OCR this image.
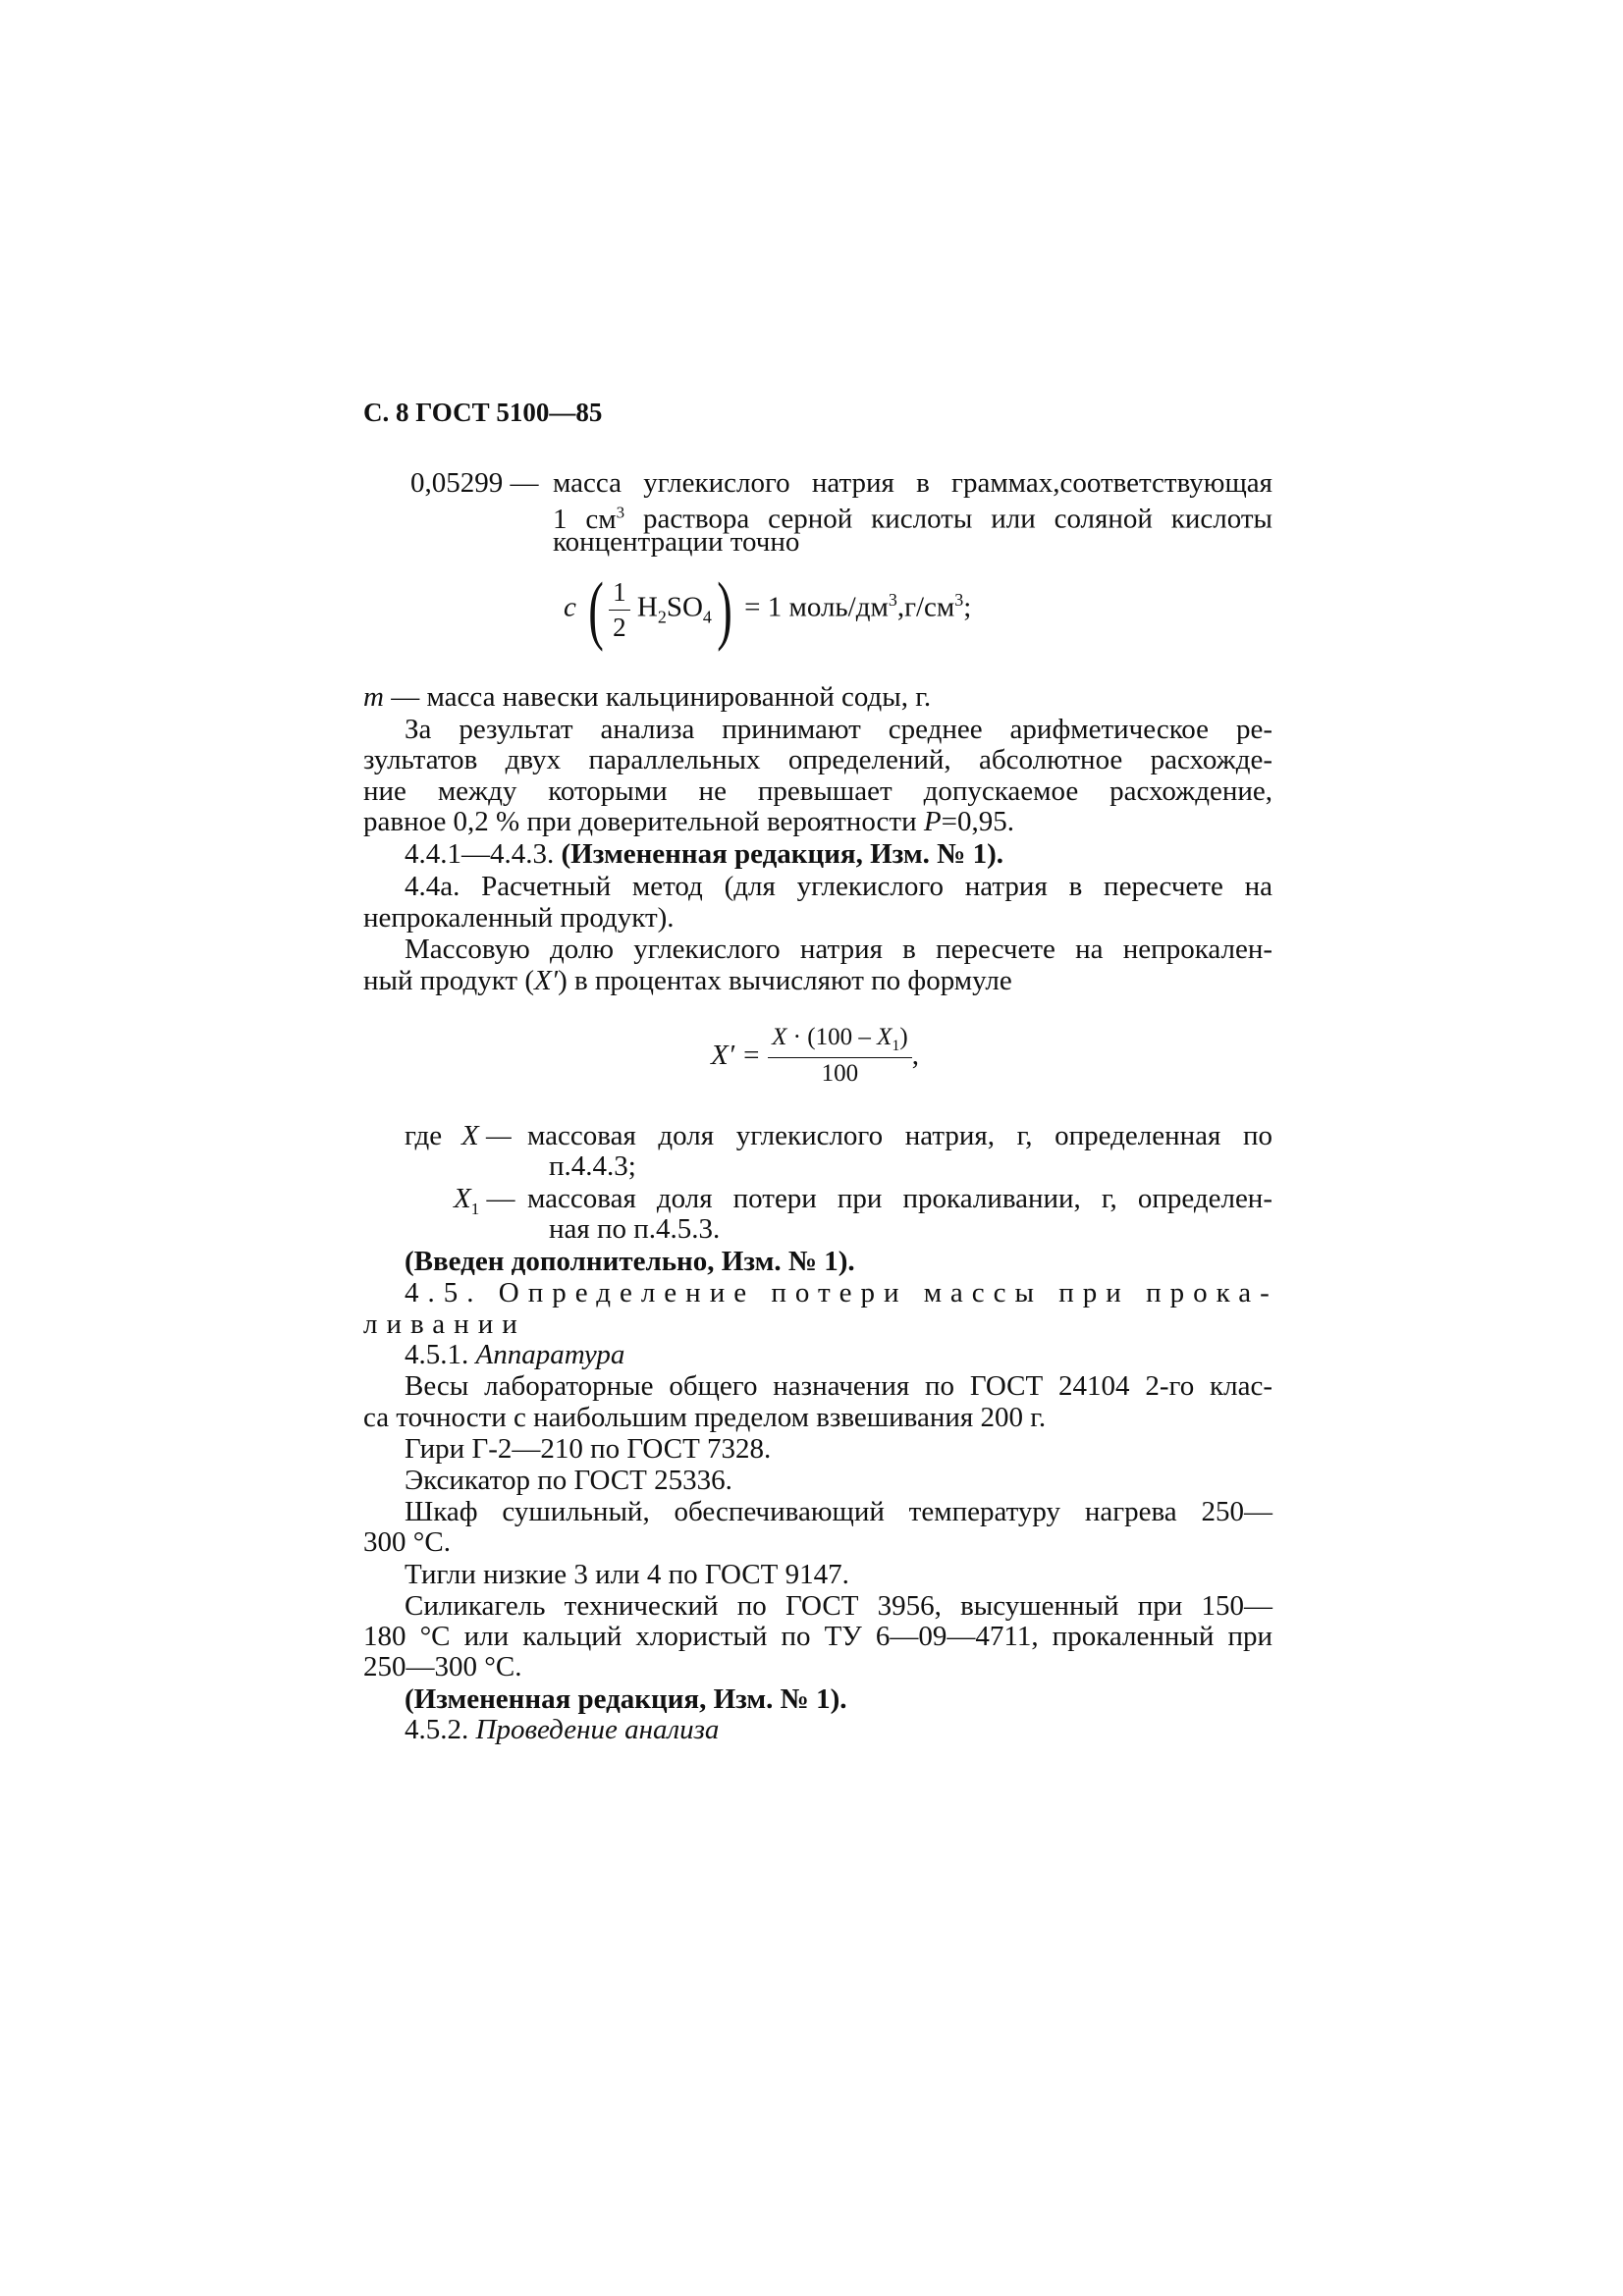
С. 8 ГОСТ 5100—85
0,05299 — масса углекислого натрия в граммах,соответствующая
1 $см^3$ раствора серной кислоты или соляной кислоты
концентрации точно
c ( $\frac{1}{2} H_2SO_4) = 1$ моль/$дм^3,г/см^3$;
m — масса навески кальцинированной соды, г.
За результат анализа принимают среднее арифметическое ре-
зультатов двух параллельных определений, абсолютное расхожде-
ние между которыми не превышает допускаемое расхождение,
равное 0,2 % при доверительной вероятности P=0,95.
4.4.1—4.4.3. (Измененная редакция, Изм. № 1).
4.4а. Расчетный метод (для углекислого натрия в пересчете на
непрокаленный продукт).
Массовую долю углекислого натрия в пересчете на непрокален-
ный продукт (X′) в процентах вычисляют по формуле
$X' = \frac{X \cdot (100 - X_1)}{100}$ ,
где X — массовая доля углекислого натрия, г, определенная по
п.4.4.3;
$X_1$ — массовая доля потери при прокаливании, г, определен-
ная по п.4.5.3.
(Введен дополнительно, Изм. № 1).
4.5. Определение потери массы при прока-
ливании
4.5.1. Аппаратура
Весы лабораторные общего назначения по ГОСТ 24104 2-го клас-
са точности с наибольшим пределом взвешивания 200 г.
Гири Г-2—210 по ГОСТ 7328.
Эксикатор по ГОСТ 25336.
Шкаф сушильный, обеспечивающий температуру нагрева 250—
300 °С.
Тигли низкие 3 или 4 по ГОСТ 9147.
Силикагель технический по ГОСТ 3956, высушенный при 150—
180 °С или кальций хлористый по ТУ 6—09—4711, прокаленный при
250—300 °С.
(Измененная редакция, Изм. № 1).
4.5.2. Проведение анализа
